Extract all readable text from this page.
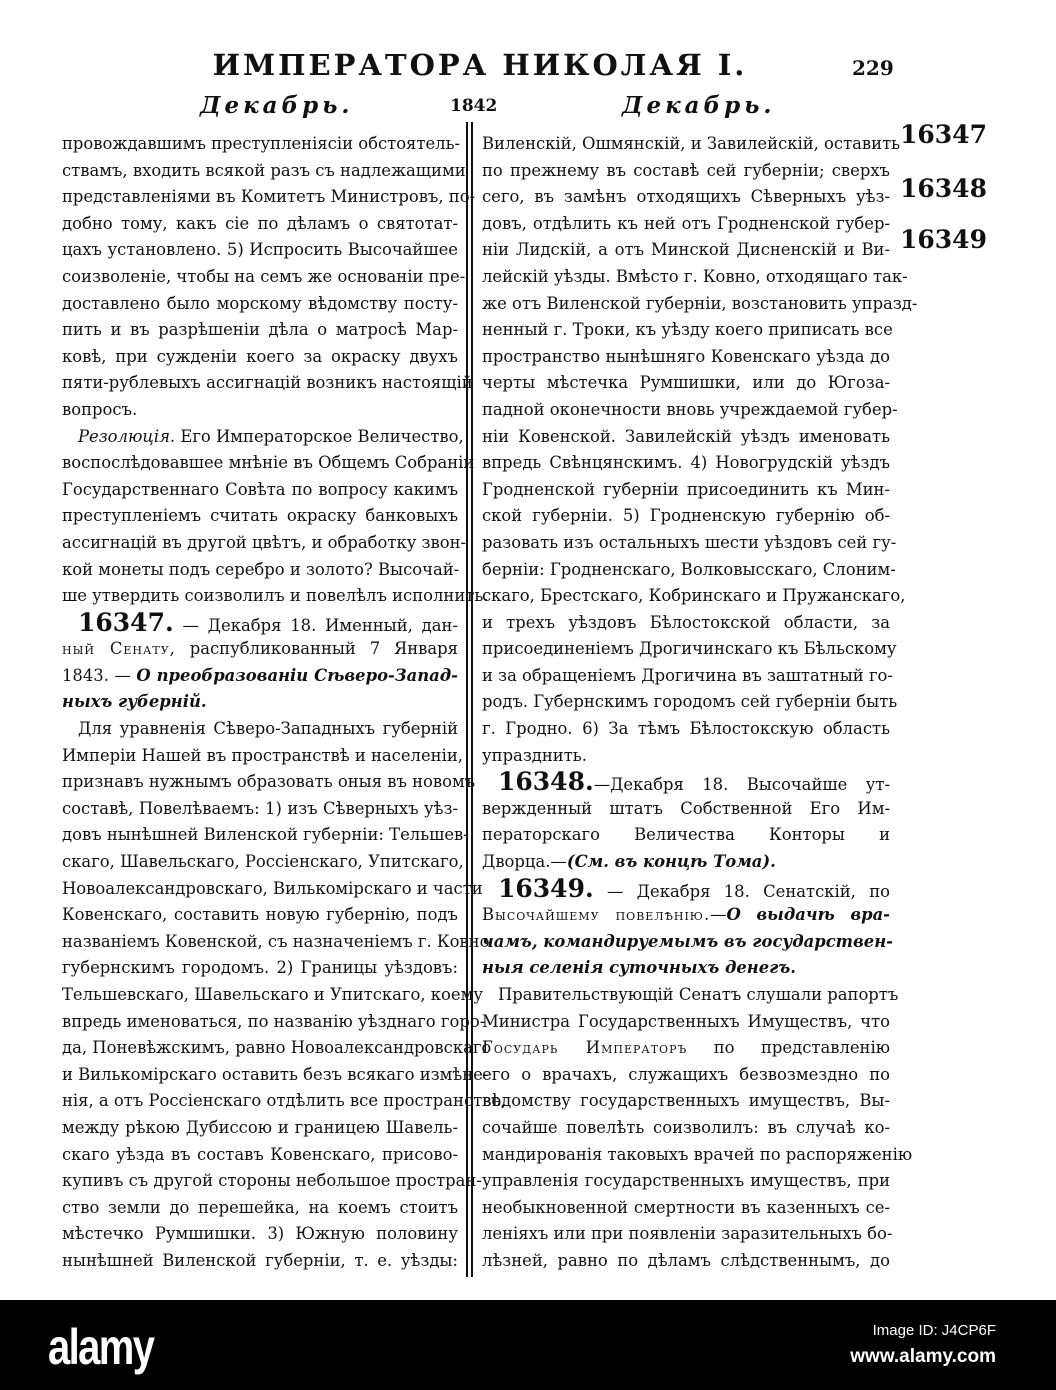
ИМПЕРАТОРА НИКОЛАЯ I.	229
Декабрь.	1842	Декабрь.
провождавшимъ преступленіясіи обстоятель-
ствамъ, входить всякой разъ съ надлежащими
представленіями въ Комитетъ Министровъ, по-
добно тому, какъ сіе по дѣламъ о святотат-
цахъ установлено. 5) Испросить Высочайшее
соизволеніе, чтобы на семъ же основаніи пре-
доставлено было морскому вѣдомству посту-
пить и въ разрѣшеніи дѣла о матросѣ Мар-
ковѣ, при сужденіи коего за окраску двухъ
пяти-рублевыхъ ассигнацій возникъ настоящій
вопросъ.
Резолюція. Его Императорское Величество,
воспослѣдовавшее мнѣніе въ Общемъ Собраніи
Государственнаго Совѣта по вопросу какимъ
преступленіемъ считать окраску банковыхъ
ассигнацій въ другой цвѣтъ, и обработку звон-
кой монеты подъ серебро и золото? Высочай-
ше утвердить соизволилъ и повелѣлъ исполнить.
16347. — Декабря 18. Именный, дан-
ный Сенату, распубликованный 7 Января
1843. — О преобразованіи Сѣверо-Запад-
ныхъ губерній.
Для уравненія Сѣверо-Западныхъ губерній
Имперіи Нашей въ пространствѣ и населеніи,
признавъ нужнымъ образовать оныя въ новомъ
составѣ, Повелѣваемъ: 1) изъ Сѣверныхъ уѣз-
довъ нынѣшней Виленской губерніи: Тельшев-
скаго, Шавельскаго, Россіенскаго, Упитскаго,
Новоалександровскаго, Вилькомірскаго и части
Ковенскаго, составить новую губернію, подъ
названіемъ Ковенской, съ назначеніемъ г. Ковно
губернскимъ городомъ. 2) Границы уѣздовъ:
Тельшевскаго, Шавельскаго и Упитскаго, коему
впредь именоваться, по названію уѣзднаго горо-
да, Поневѣжскимъ, равно Новоалександровскаго
и Вилькомірскаго оставить безъ всякаго измѣне-
нія, а отъ Россіенскаго отдѣлить все пространство,
между рѣкою Дубиссою и границею Шавель-
скаго уѣзда въ составъ Ковенскаго, присово-
купивъ съ другой стороны небольшое простран-
ство земли до перешейка, на коемъ стоитъ
мѣстечко Румшишки. 3) Южную половину
нынѣшней Виленской губерніи, т. е. уѣзды:
Виленскій, Ошмянскій, и Завилейскій, оставить
по прежнему въ составѣ сей губерніи; сверхъ
сего, въ замѣнъ отходящихъ Сѣверныхъ уѣз-
довъ, отдѣлить къ ней отъ Гродненской губер-
ніи Лидскій, а отъ Минской Дисненскій и Ви-
лейскій уѣзды. Вмѣсто г. Ковно, отходящаго так-
же отъ Виленской губерніи, возстановить упразд-
ненный г. Троки, къ уѣзду коего приписать все
пространство нынѣшняго Ковенскаго уѣзда до
черты мѣстечка Румшишки, или до Югоза-
падной оконечности вновь учреждаемой губер-
ніи Ковенской. Завилейскій уѣздъ именовать
впредь Свѣнцянскимъ. 4) Новогрудскій уѣздъ
Гродненской губерніи присоединить къ Мин-
ской губерніи. 5) Гродненскую губернію об-
разовать изъ остальныхъ шести уѣздовъ сей гу-
берніи: Гродненскаго, Волковысскаго, Слоним-
скаго, Брестскаго, Кобринскаго и Пружанскаго,
и трехъ уѣздовъ Бѣлостокской области, за
присоединеніемъ Дрогичинскаго къ Бѣльскому
и за обращеніемъ Дрогичина въ заштатный го-
родъ. Губернскимъ городомъ сей губерніи быть
г. Гродно. 6) За тѣмъ Бѣлостокскую область
упразднить.
16348.—Декабря 18. Высочайше ут-
вержденный штатъ Собственной Его Им-
ператорскаго Величества Конторы и
Дворца.—(См. въ концѣ Тома).
16349. — Декабря 18. Сенатскій, по
Высочайшему повелѣнію.—О выдачѣ вра-
чамъ, командируемымъ въ государствен-
ныя селенія суточныхъ денегъ.
Правительствующій Сенатъ слушали рапортъ
Министра Государственныхъ Имуществъ, что
Государь Императоръ по представленію
его о врачахъ, служащихъ безвозмездно по
вѣдомству государственныхъ имуществъ, Вы-
сочайше повелѣть соизволилъ: въ случаѣ ко-
мандированія таковыхъ врачей по распоряженію
управленія государственныхъ имуществъ, при
необыкновенной смертности въ казенныхъ се-
леніяхъ или при появленіи заразительныхъ бо-
лѣзней, равно по дѣламъ слѣдственнымъ, до
16347
16348
16349
alamy	Image ID: J4CP6F
www.alamy.com
